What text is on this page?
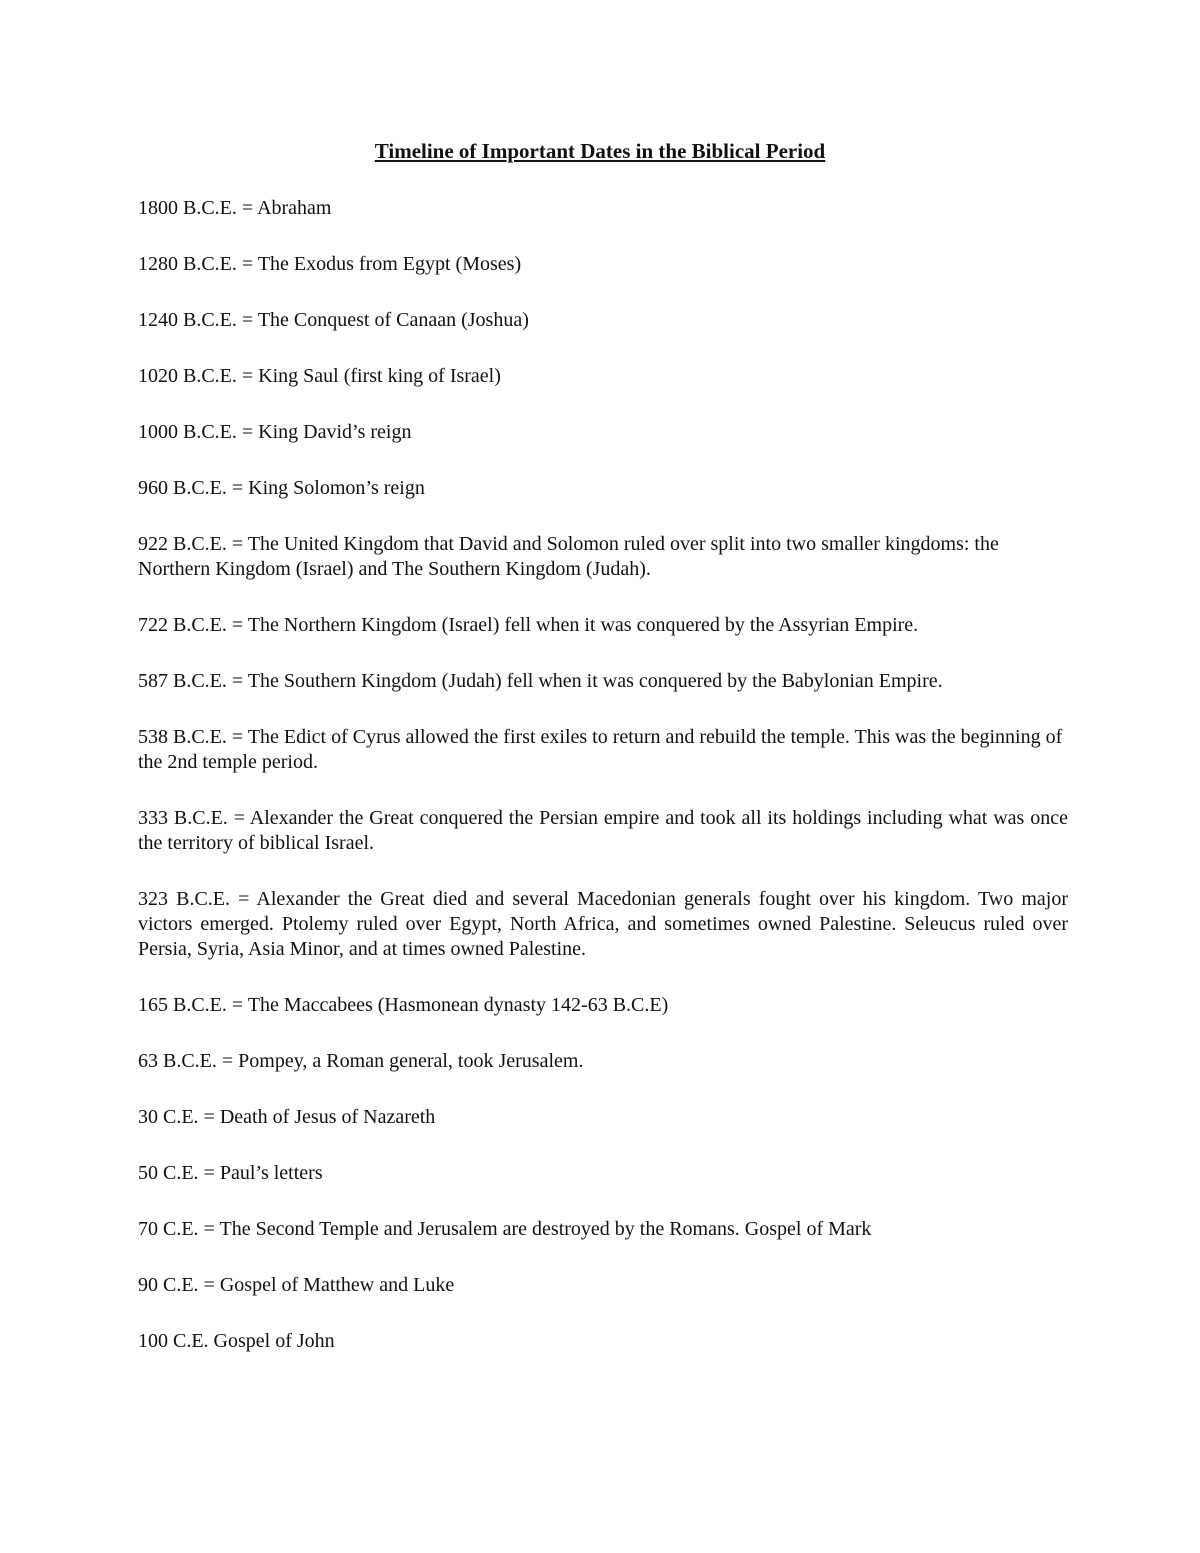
Timeline of Important Dates in the Biblical Period

1800 B.C.E. = Abraham

1280 B.C.E. = The Exodus from Egypt (Moses)

1240 B.C.E. = The Conquest of Canaan (Joshua)

1020 B.C.E. = King Saul (first king of Israel)

1000 B.C.E. = King David’s reign

960 B.C.E. = King Solomon’s reign

922 B.C.E. = The United Kingdom that David and Solomon ruled over split into two smaller kingdoms: the Northern Kingdom (Israel) and The Southern Kingdom (Judah).

722 B.C.E. = The Northern Kingdom (Israel) fell when it was conquered by the Assyrian Empire.

587 B.C.E. = The Southern Kingdom (Judah) fell when it was conquered by the Babylonian Empire.

538 B.C.E. = The Edict of Cyrus allowed the first exiles to return and rebuild the temple. This was the beginning of the 2nd temple period.

333 B.C.E. = Alexander the Great conquered the Persian empire and took all its holdings including what was once the territory of biblical Israel.

323 B.C.E. = Alexander the Great died and several Macedonian generals fought over his kingdom. Two major victors emerged. Ptolemy ruled over Egypt, North Africa, and sometimes owned Palestine. Seleucus ruled over Persia, Syria, Asia Minor, and at times owned Palestine.

165 B.C.E. = The Maccabees (Hasmonean dynasty 142-63 B.C.E)

63 B.C.E. = Pompey, a Roman general, took Jerusalem.

30 C.E. = Death of Jesus of Nazareth

50 C.E. = Paul’s letters

70 C.E. = The Second Temple and Jerusalem are destroyed by the Romans. Gospel of Mark

90 C.E. = Gospel of Matthew and Luke

100 C.E. Gospel of John
